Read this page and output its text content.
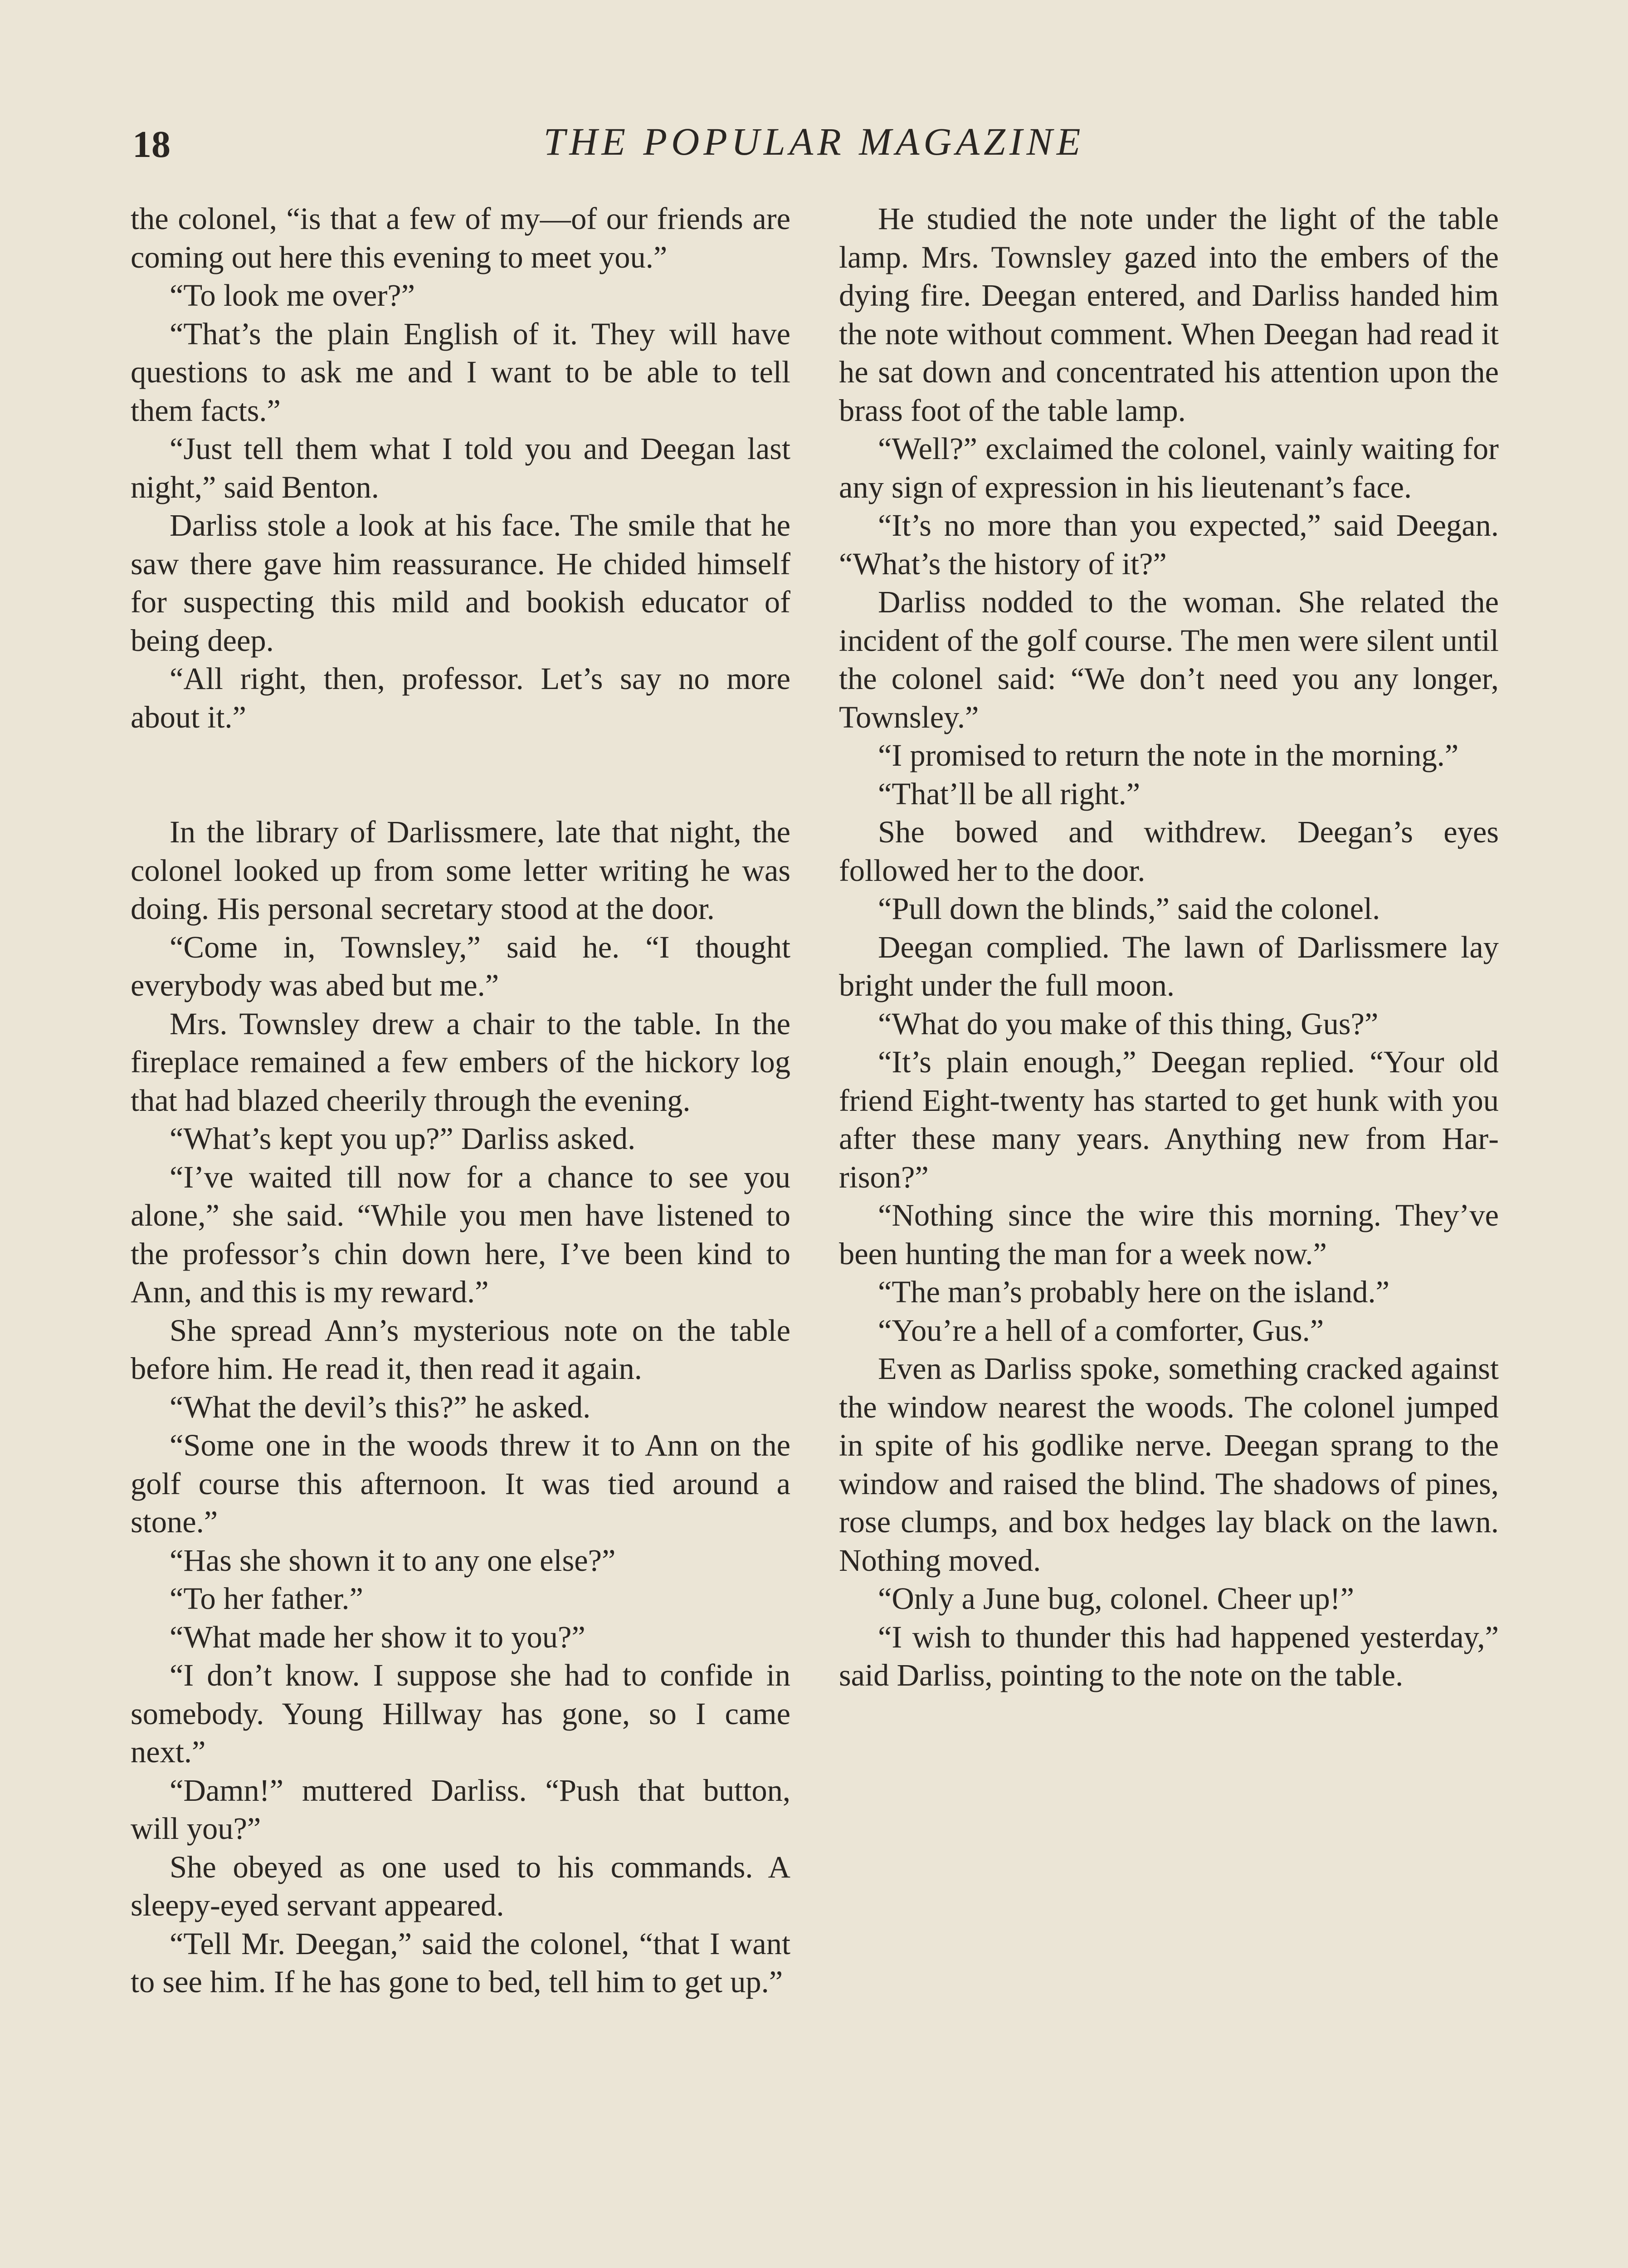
18	THE POPULAR MAGAZINE

the colonel, “is that a few of my—of our friends are coming out here this evening to meet you.”

“To look me over?”

“That’s the plain English of it. They will have questions to ask me and I want to be able to tell them facts.”

“Just tell them what I told you and Deegan last night,” said Benton.

Darliss stole a look at his face. The smile that he saw there gave him reassurance. He chided himself for suspecting this mild and bookish educator of being deep.

“All right, then, professor. Let’s say no more about it.”

In the library of Darlissmere, late that night, the colonel looked up from some letter writing he was doing. His personal secretary stood at the door.

“Come in, Townsley,” said he. “I thought everybody was abed but me.”

Mrs. Townsley drew a chair to the table. In the fireplace remained a few embers of the hickory log that had blazed cheerily through the evening.

“What’s kept you up?” Darliss asked.

“I’ve waited till now for a chance to see you alone,” she said. “While you men have listened to the professor’s chin down here, I’ve been kind to Ann, and this is my reward.”

She spread Ann’s mysterious note on the table before him. He read it, then read it again.

“What the devil’s this?” he asked.

“Some one in the woods threw it to Ann on the golf course this afternoon. It was tied around a stone.”

“Has she shown it to any one else?”

“To her father.”

“What made her show it to you?”

“I don’t know. I suppose she had to confide in somebody. Young Hillway has gone, so I came next.”

“Damn!” muttered Darliss. “Push that button, will you?”

She obeyed as one used to his commands. A sleepy-eyed servant appeared.

“Tell Mr. Deegan,” said the colonel, “that I want to see him. If he has gone to bed, tell him to get up.”

He studied the note under the light of the table lamp. Mrs. Townsley gazed into the embers of the dying fire. Deegan entered, and Darliss handed him the note without comment. When Deegan had read it he sat down and concentrated his attention upon the brass foot of the table lamp.

“Well?” exclaimed the colonel, vainly waiting for any sign of expression in his lieutenant’s face.

“It’s no more than you expected,” said Deegan. “What’s the history of it?”

Darliss nodded to the woman. She related the incident of the golf course. The men were silent until the colonel said: “We don’t need you any longer, Townsley.”

“I promised to return the note in the morning.”

“That’ll be all right.”

She bowed and withdrew. Deegan’s eyes followed her to the door.

“Pull down the blinds,” said the colonel.

Deegan complied. The lawn of Darlissmere lay bright under the full moon.

“What do you make of this thing, Gus?”

“It’s plain enough,” Deegan replied. “Your old friend Eight-twenty has started to get hunk with you after these many years. Anything new from Harrison?”

“Nothing since the wire this morning. They’ve been hunting the man for a week now.”

“The man’s probably here on the island.”

“You’re a hell of a comforter, Gus.”

Even as Darliss spoke, something cracked against the window nearest the woods. The colonel jumped in spite of his godlike nerve. Deegan sprang to the window and raised the blind. The shadows of pines, rose clumps, and box hedges lay black on the lawn. Nothing moved.

“Only a June bug, colonel. Cheer up!”

“I wish to thunder this had happened yesterday,” said Darliss, pointing to the note on the table.
